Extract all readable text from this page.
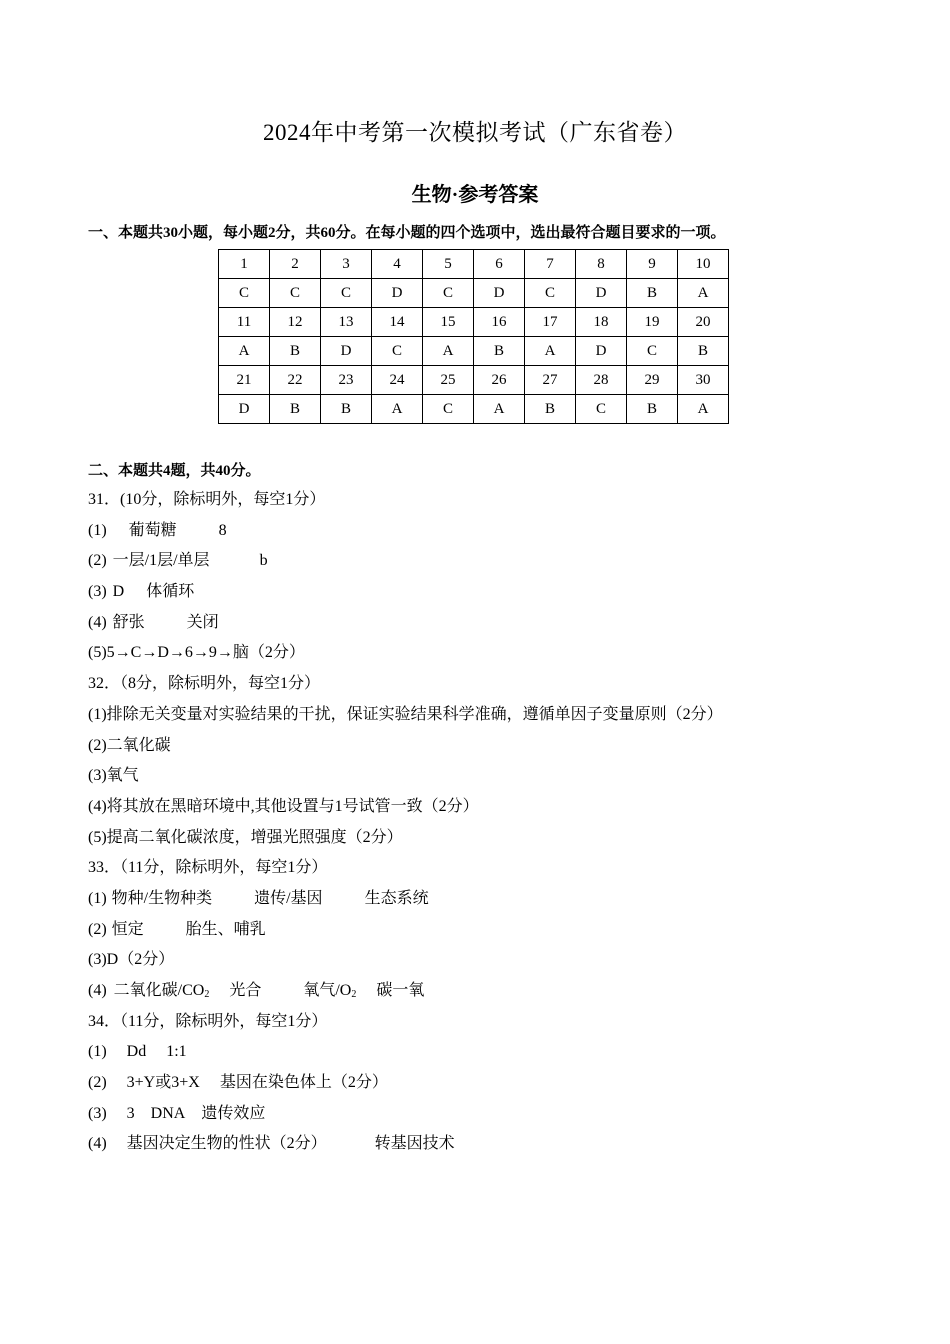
2024年中考第一次模拟考试（广东省卷）
生物·参考答案
一、本题共30小题，每小题2分，共60分。在每小题的四个选项中，选出最符合题目要求的一项。
1	2	3	4	5	6	7	8	9	10
C	C	C	D	C	D	C	D	B	A
11	12	13	14	15	16	17	18	19	20
A	B	D	C	A	B	A	D	C	B
21	22	23	24	25	26	27	28	29	30
D	B	B	A	C	A	B	C	B	A
二、本题共4题，共40分。
31．(10分，除标明外，每空1分）
(1) 葡萄糖	8
(2) 一层/1层/单层	b
(3) D 体循环
(4) 舒张	关闭
(5)5→C→D→6→9→脑（2分）
32．（8分，除标明外，每空1分）
(1)排除无关变量对实验结果的干扰，保证实验结果科学准确，遵循单因子变量原则（2分）
(2)二氧化碳
(3)氧气
(4)将其放在黑暗环境中,其他设置与1号试管一致（2分）
(5)提高二氧化碳浓度，增强光照强度（2分）
33．（11分，除标明外，每空1分）
(1) 物种/生物种类	遗传/基因	生态系统
(2) 恒定	胎生、哺乳
(3)D（2分）
(4) 二氧化碳$/CO_2$ 光合	氧气$/O_2$ 碳一氧
34．（11分，除标明外，每空1分）
(1) Dd 1:1
(2) 3+Y或3+X 基因在染色体上（2分）
(3) 3 DNA 遗传效应
(4) 基因决定生物的性状（2分）	转基因技术
